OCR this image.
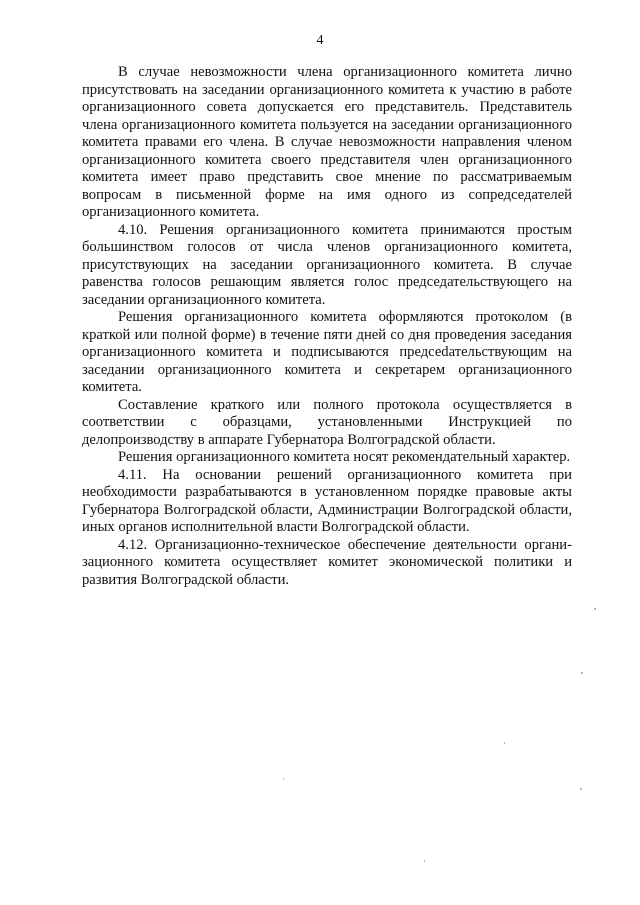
4

В случае невозможности члена организационного комитета лично присутствовать на заседании организационного комитета к участию в работе организационного совета допускается его представитель. Представитель члена организационного комитета пользуется на заседании организационного комитета правами его члена. В случае невозможности направления членом организационного комитета своего представителя член организационного комитета имеет право представить свое мнение по рассматриваемым вопросам в письменной форме на имя одного из сопредседателей организационного комитета.

4.10. Решения организационного комитета принимаются простым большинством голосов от числа членов организационного комитета, присутствующих на заседании организационного комитета. В случае равенства голосов решающим является голос председательствующего на заседании организационного комитета.

Решения организационного комитета оформляются протоколом (в краткой или полной форме) в течение пяти дней со дня проведения заседания организационного комитета и подписываются предсеdательствующим на заседании организационного комитета и секретарем организационного комитета.

Составление краткого или полного протокола осуществляется в соответствии с образцами, установленными Инструкцией по делопроизводству в аппарате Губернатора Волгоградской области.

Решения организационного комитета носят рекомендательный характер.

4.11. На основании решений организационного комитета при необходимости разрабатываются в установленном порядке правовые акты Губернатора Волгоградской области, Администрации Волгоградской области, иных органов исполнительной власти Волгоградской области.

4.12. Организационно-техническое обеспечение деятельности организационного комитета осуществляет комитет экономической политики и развития Волгоградской области.
